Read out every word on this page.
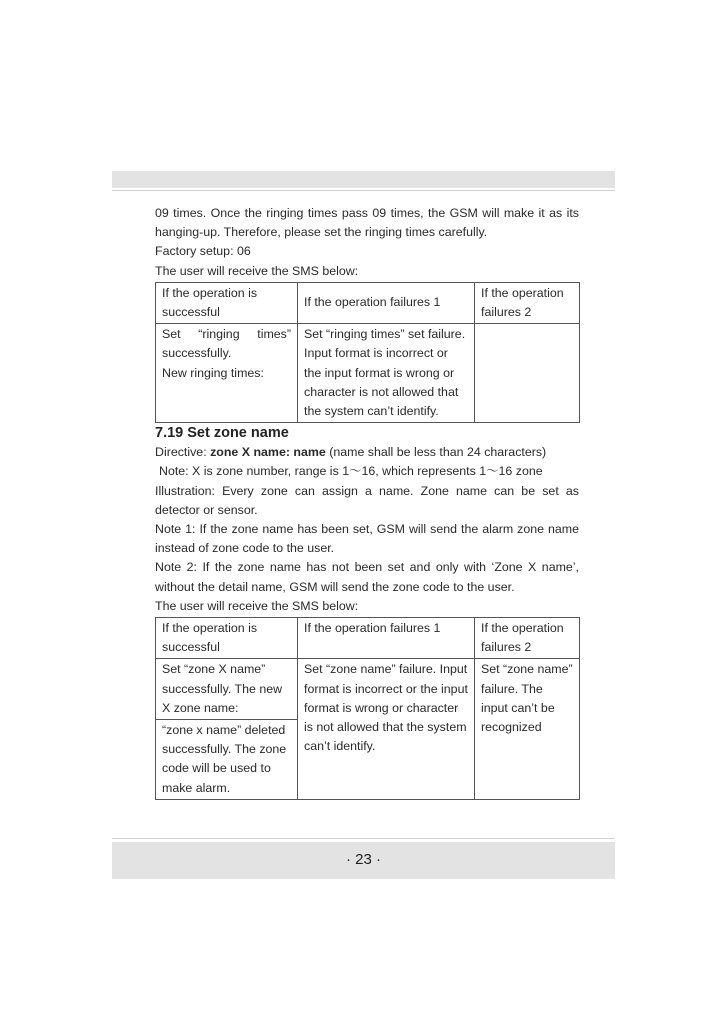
09 times. Once the ringing times pass 09 times, the GSM will make it as its

hanging-up. Therefore, please set the ringing times carefully.

Factory setup: 06

The user will receive the SMS below:

If the operation is successful	If the operation failures 1	If the operation failures 2

Set “ringing times” successfully.
New ringing times:	Set “ringing times” set failure. Input format is incorrect or the input format is wrong or character is not allowed that the system can’t identify.	
7.19 Set zone name

Directive: zone X name: name (name shall be less than 24 characters)

Note: X is zone number, range is 1～16, which represents 1～16 zone

Illustration: Every zone can assign a name. Zone name can be set as detector or sensor.

Note 1: If the zone name has been set, GSM will send the alarm zone name instead of zone code to the user.

Note 2: If the zone name has not been set and only with ‘Zone X name’, without the detail name, GSM will send the zone code to the user.

The user will receive the SMS below:

If the operation is successful	If the operation failures 1	If the operation failures 2
Set “zone X name” successfully. The new X zone name:	Set “zone name” failure. Input format is incorrect or the input format is wrong or character is not allowed that the system can’t identify.	Set “zone name” failure. The input can’t be recognized
“zone x name” deleted successfully. The zone code will be used to make alarm.		
· 23 ·
